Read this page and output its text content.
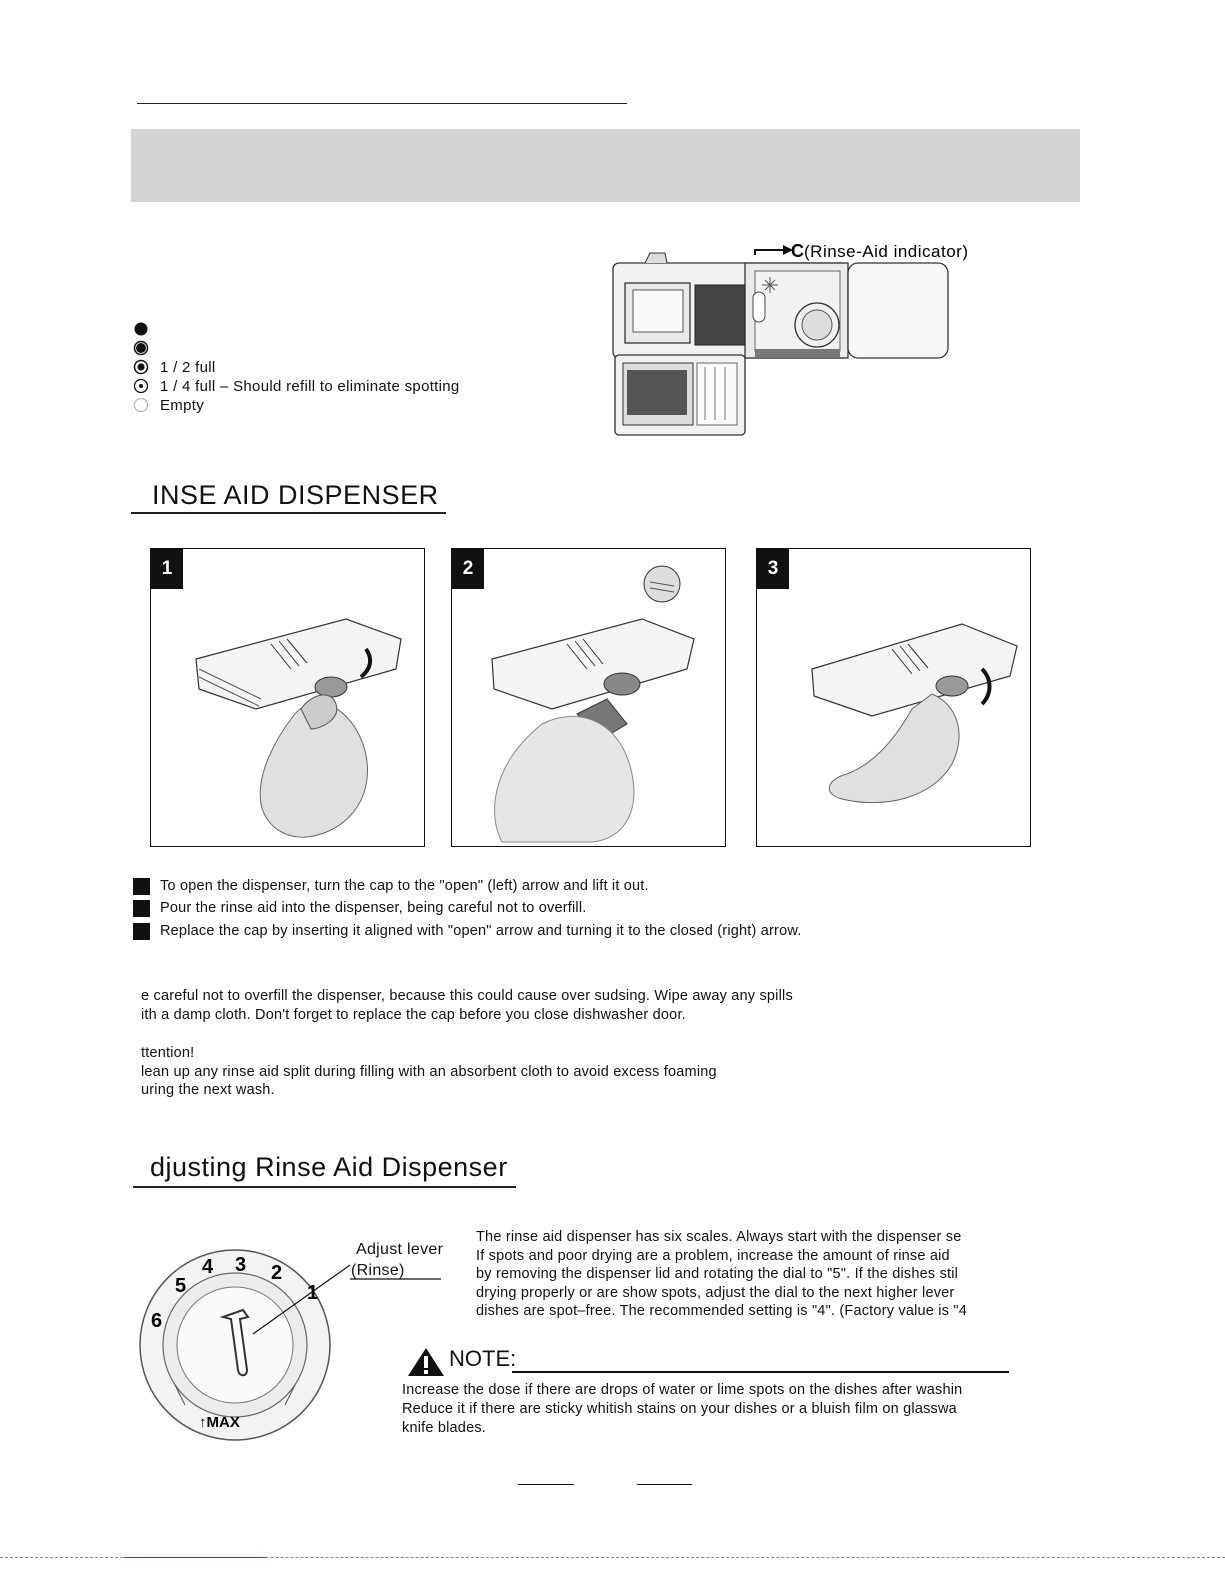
1 / 2 full
1 / 4 full – Should refill to eliminate spotting
Empty
C (Rinse-Aid indicator)
INSE AID DISPENSER
1	2	3
To open the dispenser, turn the cap to the "open" (left) arrow and lift it out.
Pour the rinse aid into the dispenser, being careful not to overfill.
Replace the cap by inserting it aligned with "open" arrow and turning it to the closed (right) arrow.
e careful not to overfill the dispenser, because this could cause over sudsing. Wipe away any spills
ith a damp cloth. Don't forget to replace the cap before you close dishwasher door.
ttention!
lean up any rinse aid split during filling with an absorbent cloth to avoid excess foaming
uring the next wash.
djusting Rinse Aid Dispenser
1
2
3
4
5
6
↑MAX
Adjust lever
(Rinse)
The rinse aid dispenser has six scales. Always start with the dispenser se
If spots and poor drying are a problem, increase the amount of rinse aid
by removing the dispenser lid and rotating the dial to "5". If the dishes stil
drying properly or are show spots, adjust the dial to the next higher lever
dishes are spot–free. The recommended setting is "4". (Factory value is "4
NOTE:
Increase the dose if there are drops of water or lime spots on the dishes after washin
Reduce it if there are sticky whitish stains on your dishes or a bluish film on glasswa
knife blades.
